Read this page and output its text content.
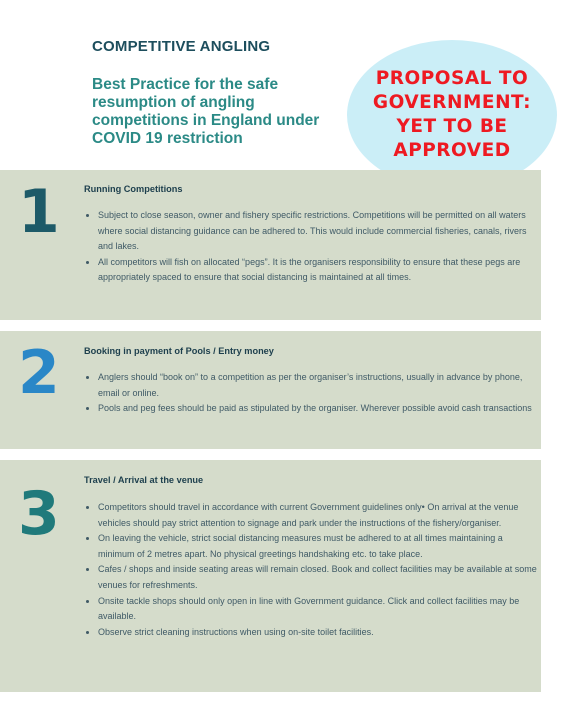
COMPETITIVE ANGLING
Best Practice for the safe resumption of angling competitions in England under COVID 19 restriction
PROPOSAL TO
GOVERNMENT:
YET TO BE
APPROVED
1	Running Competitions
• Subject to close season, owner and fishery specific restrictions. Competitions will be permitted on all waters where social distancing guidance can be adhered to. This would include commercial fisheries, canals, rivers and lakes.
• All competitors will fish on allocated “pegs”. It is the organisers responsibility to ensure that these pegs are appropriately spaced to ensure that social distancing is maintained at all times.
2	Booking in payment of Pools / Entry money
• Anglers should “book on” to a competition as per the organiser’s instructions, usually in advance by phone, email or online.
• Pools and peg fees should be paid as stipulated by the organiser. Wherever possible avoid cash transactions
3	Travel / Arrival at the venue
• Competitors should travel in accordance with current Government guidelines only• On arrival at the venue vehicles should pay strict attention to signage and park under the instructions of the fishery/organiser.
• On leaving the vehicle, strict social distancing measures must be adhered to at all times maintaining a minimum of 2 metres apart. No physical greetings handshaking etc. to take place.
• Cafes / shops and inside seating areas will remain closed. Book and collect facilities may be available at some venues for refreshments.
• Onsite tackle shops should only open in line with Government guidance. Click and collect facilities may be available.
• Observe strict cleaning instructions when using on-site toilet facilities.
